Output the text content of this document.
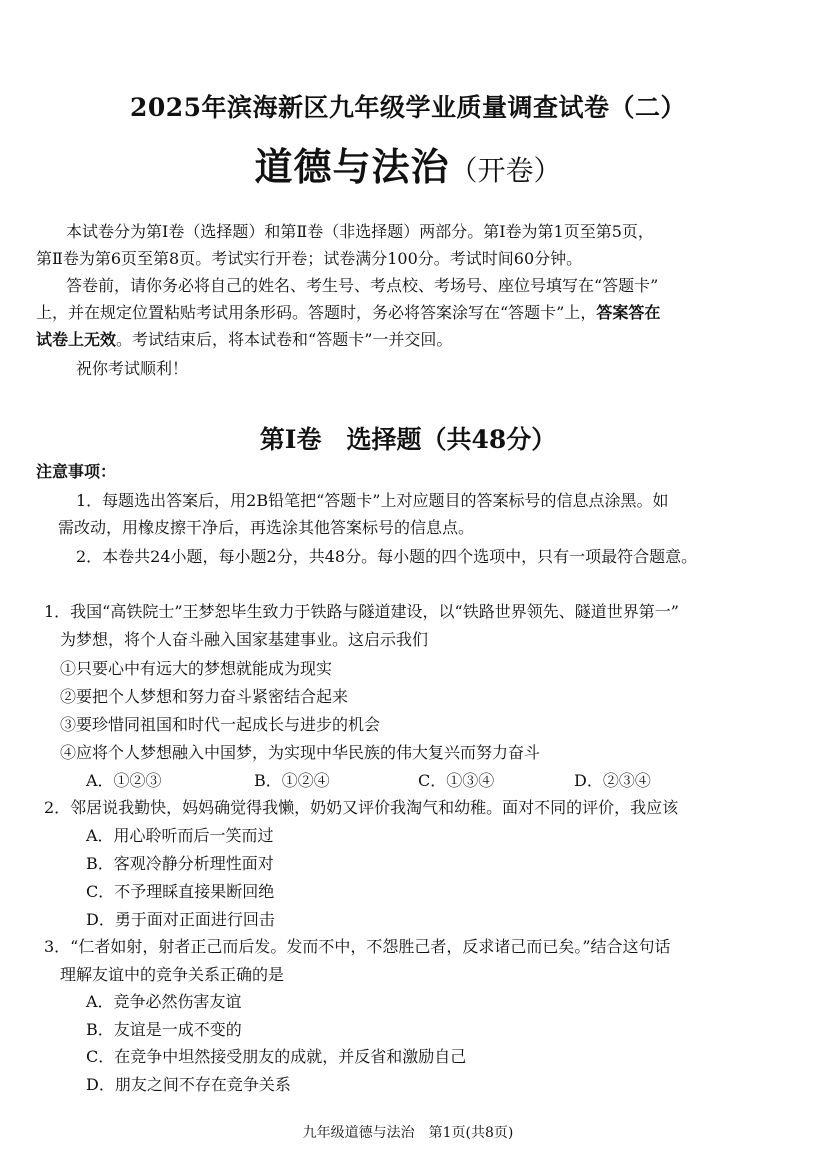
2025年滨海新区九年级学业质量调查试卷（二）
道德与法治（开卷）
本试卷分为第Ⅰ卷（选择题）和第Ⅱ卷（非选择题）两部分。第Ⅰ卷为第1页至第5页，
第Ⅱ卷为第6页至第8页。考试实行开卷；试卷满分100分。考试时间60分钟。
答卷前，请你务必将自己的姓名、考生号、考点校、考场号、座位号填写在“答题卡”
上，并在规定位置粘贴考试用条形码。答题时，务必将答案涂写在“答题卡”上，答案答在
试卷上无效。考试结束后，将本试卷和“答题卡”一并交回。
祝你考试顺利！
第Ⅰ卷　选择题（共48分）
注意事项：
1．每题选出答案后，用2B铅笔把“答题卡”上对应题目的答案标号的信息点涂黑。如
需改动，用橡皮擦干净后，再选涂其他答案标号的信息点。
2．本卷共24小题，每小题2分，共48分。每小题的四个选项中，只有一项最符合题意。
1．我国“高铁院士”王梦恕毕生致力于铁路与隧道建设，以“铁路世界领先、隧道世界第一”
为梦想，将个人奋斗融入国家基建事业。这启示我们
①只要心中有远大的梦想就能成为现实
②要把个人梦想和努力奋斗紧密结合起来
③要珍惜同祖国和时代一起成长与进步的机会
④应将个人梦想融入中国梦，为实现中华民族的伟大复兴而努力奋斗
A．①②③	B．①②④	C．①③④	D．②③④
2．邻居说我勤快，妈妈确觉得我懒，奶奶又评价我淘气和幼稚。面对不同的评价，我应该
A．用心聆听而后一笑而过
B．客观冷静分析理性面对
C．不予理睬直接果断回绝
D．勇于面对正面进行回击
3．“仁者如射，射者正己而后发。发而不中，不怨胜己者，反求诸己而已矣。”结合这句话
理解友谊中的竞争关系正确的是
A．竞争必然伤害友谊
B．友谊是一成不变的
C．在竞争中坦然接受朋友的成就，并反省和激励自己
D．朋友之间不存在竞争关系
九年级道德与法治　第1页(共8页)
